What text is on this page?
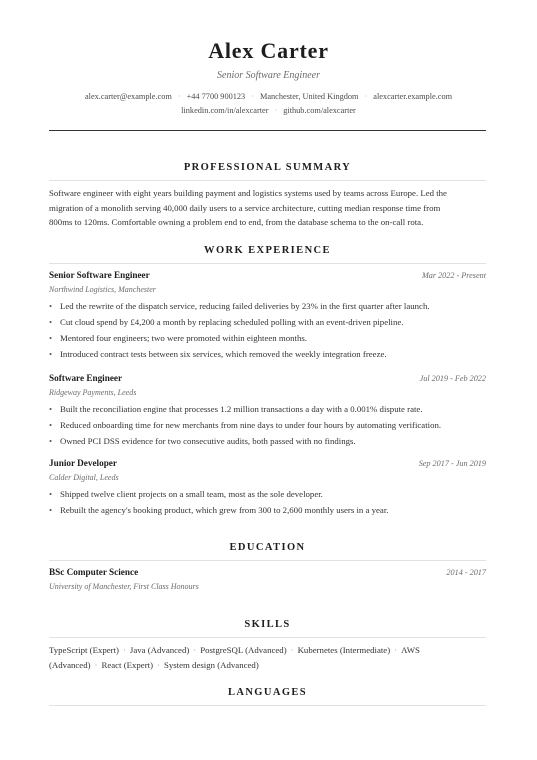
Alex Carter
Senior Software Engineer
alex.carter@example.com · +44 7700 900123 · Manchester, United Kingdom · alexcarter.example.com
linkedin.com/in/alexcarter · github.com/alexcarter
PROFESSIONAL SUMMARY
Software engineer with eight years building payment and logistics systems used by teams across Europe. Led the
migration of a monolith serving 40,000 daily users to a service architecture, cutting median response time from
800ms to 120ms. Comfortable owning a problem end to end, from the database schema to the on-call rota.
WORK EXPERIENCE
Senior Software Engineer	Mar 2022 - Present
Northwind Logistics, Manchester
• Led the rewrite of the dispatch service, reducing failed deliveries by 23% in the first quarter after launch.
• Cut cloud spend by £4,200 a month by replacing scheduled polling with an event-driven pipeline.
• Mentored four engineers; two were promoted within eighteen months.
• Introduced contract tests between six services, which removed the weekly integration freeze.
Software Engineer	Jul 2019 - Feb 2022
Ridgeway Payments, Leeds
• Built the reconciliation engine that processes 1.2 million transactions a day with a 0.001% dispute rate.
• Reduced onboarding time for new merchants from nine days to under four hours by automating verification.
• Owned PCI DSS evidence for two consecutive audits, both passed with no findings.
Junior Developer	Sep 2017 - Jun 2019
Calder Digital, Leeds
• Shipped twelve client projects on a small team, most as the sole developer.
• Rebuilt the agency's booking product, which grew from 300 to 2,600 monthly users in a year.
EDUCATION
BSc Computer Science	2014 - 2017
University of Manchester, First Class Honours
SKILLS
TypeScript (Expert) · Java (Advanced) · PostgreSQL (Advanced) · Kubernetes (Intermediate) · AWS (Advanced) · React (Expert) · System design (Advanced)
LANGUAGES
